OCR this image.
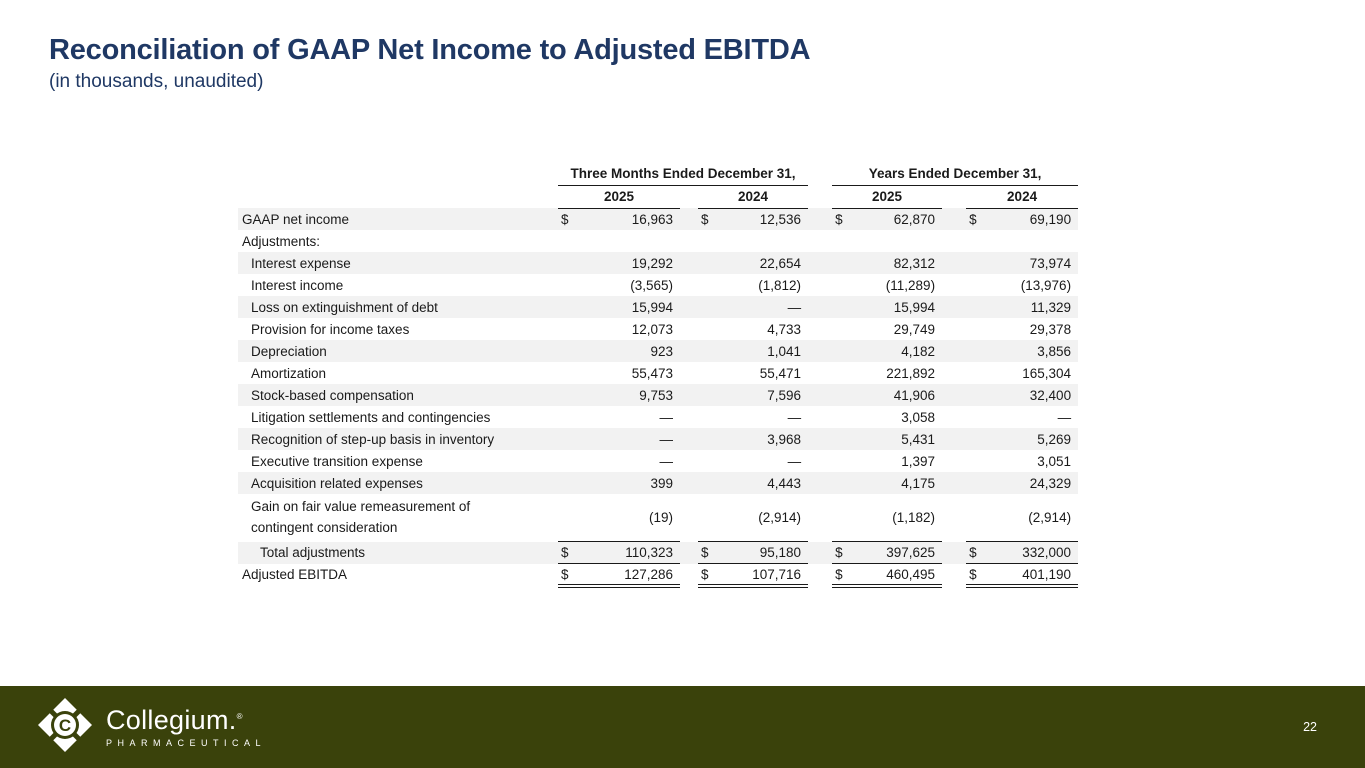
Reconciliation of GAAP Net Income to Adjusted EBITDA
(in thousands, unaudited)
	Three Months Ended December 31,						Years Ended December 31,				
	2025			2024			2025			2024	
GAAP net income	$	16,963		$	12,536		$	62,870		$	69,190
Adjustments:											
Interest expense		19,292			22,654			82,312			73,974
Interest income		(3,565)			(1,812)			(11,289)			(13,976)
Loss on extinguishment of debt		15,994			—			15,994			11,329
Provision for income taxes		12,073			4,733			29,749			29,378
Depreciation		923			1,041			4,182			3,856
Amortization		55,473			55,471			221,892			165,304
Stock-based compensation		9,753			7,596			41,906			32,400
Litigation settlements and contingencies		—			—			3,058			—
Recognition of step-up basis in inventory		—			3,968			5,431			5,269
Executive transition expense		—			—			1,397			3,051
Acquisition related expenses		399			4,443			4,175			24,329
Gain on fair value remeasurement of contingent consideration		(19)			(2,914)			(1,182)			(2,914)
Total adjustments	$	110,323		$	95,180		$	397,625		$	332,000
Adjusted EBITDA	$	127,286		$	107,716		$	460,495		$	401,190
C Collegium.®
PHARMACEUTICAL
22
